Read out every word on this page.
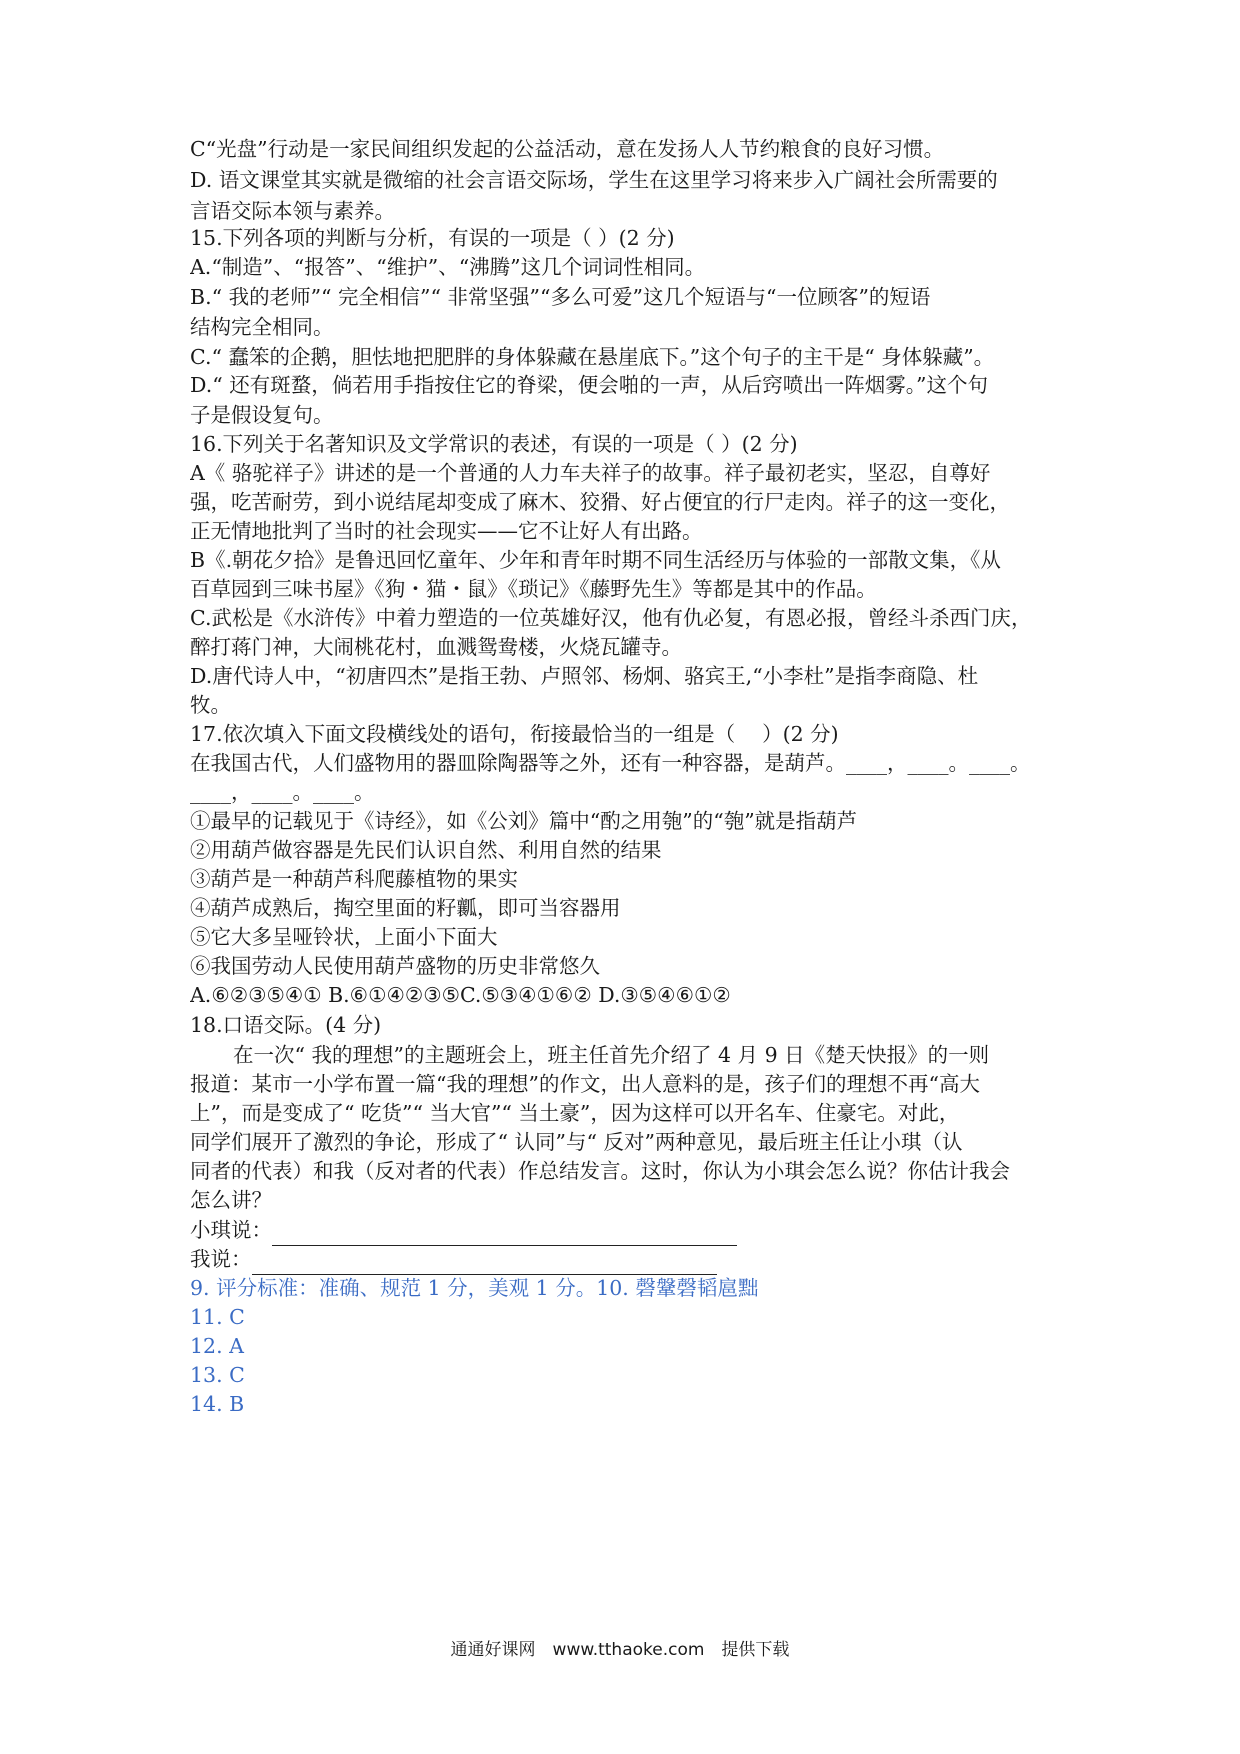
C“光盘”行动是一家民间组织发起的公益活动，意在发扬人人节约粮食的良好习惯。
D. 语文课堂其实就是微缩的社会言语交际场，学生在这里学习将来步入广阔社会所需要的
言语交际本领与素养。
15.下列各项的判断与分析，有误的一项是（ ）(2 分)
A.“制造”、“报答”、“维护”、“沸腾”这几个词词性相同。
B.“ 我的老师”“ 完全相信”“ 非常坚强”“多么可爱”这几个短语与“一位顾客”的短语
结构完全相同。
C.“ 蠢笨的企鹅，胆怯地把肥胖的身体躲藏在悬崖底下。”这个句子的主干是“ 身体躲藏”。
D.“ 还有斑蝥，倘若用手指按住它的脊梁，便会啪的一声，从后窍喷出一阵烟雾。”这个句
子是假设复句。
16.下列关于名著知识及文学常识的表述，有误的一项是（ ）(2 分)
A《 骆驼祥子》讲述的是一个普通的人力车夫祥子的故事。祥子最初老实，坚忍，自尊好
强，吃苦耐劳，到小说结尾却变成了麻木、狡猾、好占便宜的行尸走肉。祥子的这一变化，
正无情地批判了当时的社会现实——它不让好人有出路。
B《.朝花夕拾》是鲁迅回忆童年、少年和青年时期不同生活经历与体验的一部散文集，《从
百草园到三味书屋》《狗・猫・鼠》《琐记》《藤野先生》等都是其中的作品。
C.武松是《水浒传》中着力塑造的一位英雄好汉，他有仇必复，有恩必报，曾经斗杀西门庆，
醉打蒋门神，大闹桃花村，血溅鸳鸯楼，火烧瓦罐寺。
D.唐代诗人中，“初唐四杰”是指王勃、卢照邻、杨炯、骆宾王,“小李杜”是指李商隐、杜
牧。
17.依次填入下面文段横线处的语句，衔接最恰当的一组是（　 ）(2 分)
在我国古代，人们盛物用的器皿除陶器等之外，还有一种容器，是葫芦。____，____。____。
____，____。____。
①最早的记载见于《诗经》，如《公刘》篇中“酌之用匏”的“匏”就是指葫芦
②用葫芦做容器是先民们认识自然、利用自然的结果
③葫芦是一种葫芦科爬藤植物的果实
④葫芦成熟后，掏空里面的籽瓤，即可当容器用
⑤它大多呈哑铃状，上面小下面大
⑥我国劳动人民使用葫芦盛物的历史非常悠久
A.⑥②③⑤④① B.⑥①④②③⑤C.⑤③④①⑥② D.③⑤④⑥①②
18.口语交际。(4 分)
在一次“ 我的理想”的主题班会上，班主任首先介绍了 4 月 9 日《楚天快报》的一则
报道：某市一小学布置一篇“我的理想”的作文，出人意料的是，孩子们的理想不再“高大
上”，而是变成了“ 吃货”“ 当大官”“ 当土豪”，因为这样可以开名车、住豪宅。对此，
同学们展开了激烈的争论，形成了“ 认同”与“ 反对”两种意见，最后班主任让小琪（认
同者的代表）和我（反对者的代表）作总结发言。这时，你认为小琪会怎么说？你估计我会
怎么讲？
小琪说：
我说：
9. 评分标准：准确、规范 1 分，美观 1 分。10. 磬鞶磬韬扈黜
11. C
12. A
13. C
14. B
通通好课网　www.tthaoke.com　提供下载
